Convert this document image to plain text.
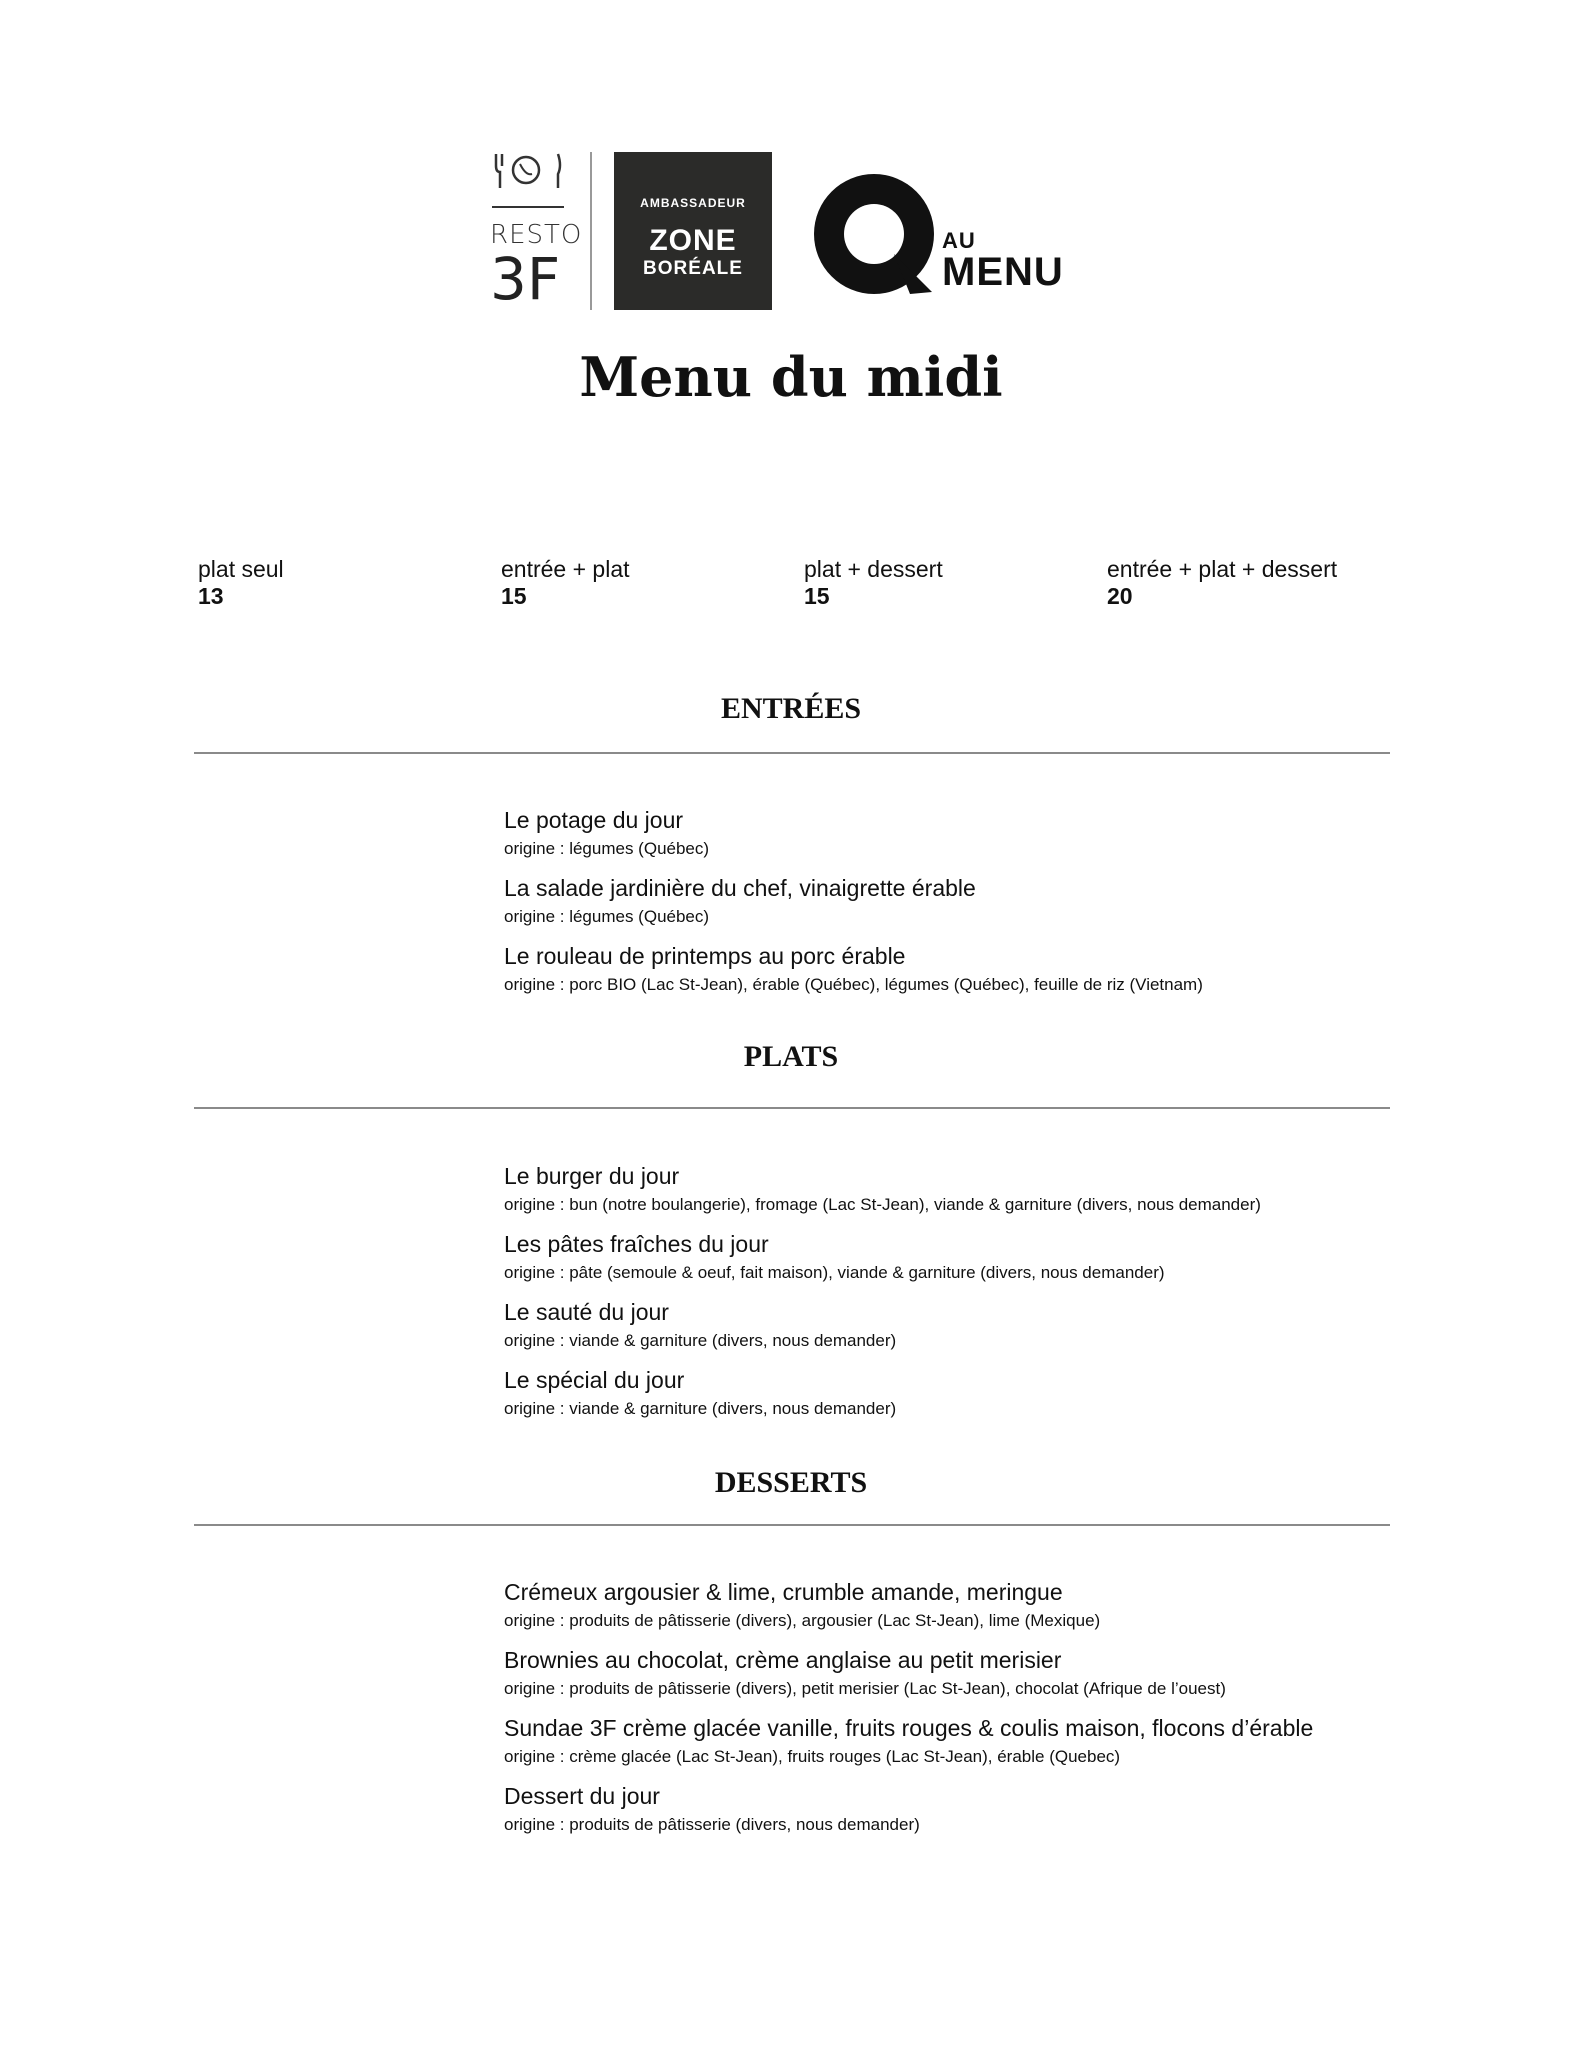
RESTO
3F
AMBASSADEUR
ZONE
BORÉALE
AU
MENU
Menu du midi
plat seul
13
entrée + plat
15
plat + dessert
15
entrée + plat + dessert
20
ENTRÉES
Le potage du jour
origine : légumes (Québec)
La salade jardinière du chef, vinaigrette érable
origine : légumes (Québec)
Le rouleau de printemps au porc érable
origine : porc BIO (Lac St-Jean), érable (Québec), légumes (Québec), feuille de riz (Vietnam)
PLATS
Le burger du jour
origine : bun (notre boulangerie), fromage (Lac St-Jean), viande & garniture (divers, nous demander)
Les pâtes fraîches du jour
origine : pâte (semoule & oeuf, fait maison), viande & garniture (divers, nous demander)
Le sauté du jour
origine : viande & garniture (divers, nous demander)
Le spécial du jour
origine : viande & garniture (divers, nous demander)
DESSERTS
Crémeux argousier & lime, crumble amande, meringue
origine : produits de pâtisserie (divers), argousier (Lac St-Jean), lime (Mexique)
Brownies au chocolat, crème anglaise au petit merisier
origine : produits de pâtisserie (divers), petit merisier (Lac St-Jean), chocolat (Afrique de l’ouest)
Sundae 3F crème glacée vanille, fruits rouges & coulis maison, flocons d’érable
origine : crème glacée (Lac St-Jean), fruits rouges (Lac St-Jean), érable (Quebec)
Dessert du jour
origine : produits de pâtisserie (divers, nous demander)
